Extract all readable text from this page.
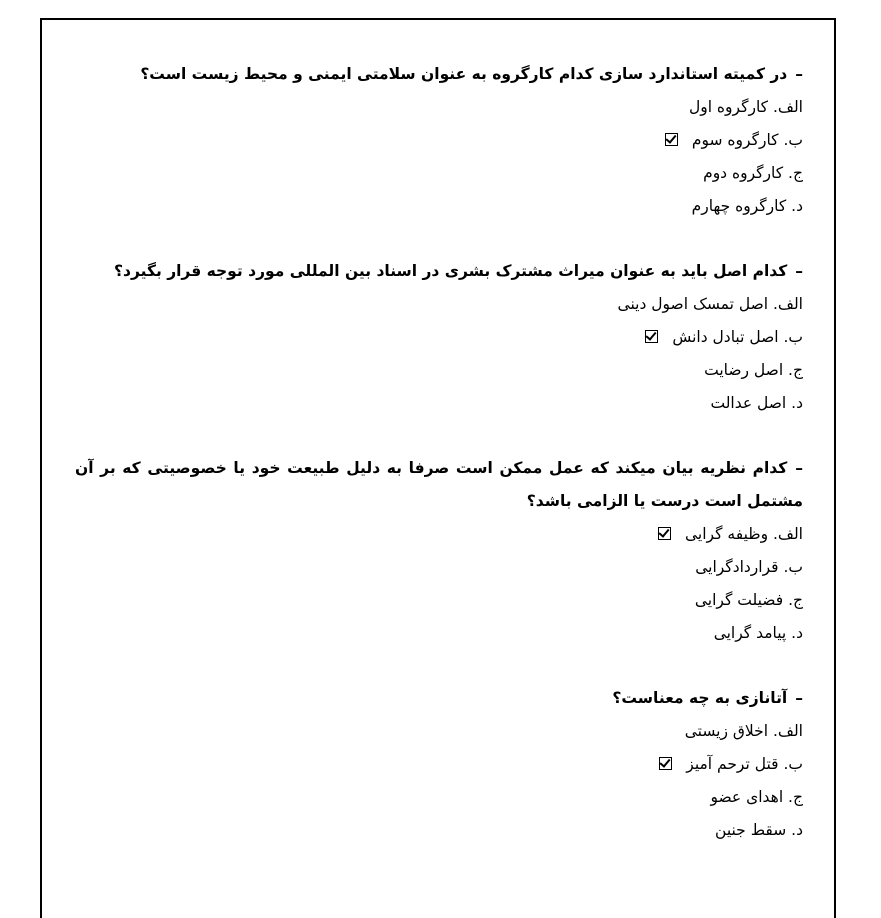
–در کمیته استاندارد سازی کدام کارگروه به عنوان سلامتی ایمنی و محیط زیست است؟
الف. کارگروه اول
ب. کارگروه سوم
ج. کارگروه دوم
د. کارگروه چهارم
–کدام اصل باید به عنوان میراث مشترک بشری در اسناد بین المللی مورد توجه قرار بگیرد؟
الف. اصل تمسک اصول دینی
ب. اصل تبادل دانش
ج. اصل رضایت
د. اصل عدالت
–کدام نظریه بیان میکند که عمل ممکن است صرفا به دلیل طبیعت خود یا خصوصیتی که بر آن مشتمل است درست یا الزامی باشد؟
الف. وظیفه گرایی
ب. قراردادگرایی
ج. فضیلت گرایی
د. پیامد گرایی
–آتانازی به چه معناست؟
الف. اخلاق زیستی
ب. قتل ترحم آمیز
ج. اهدای عضو
د. سقط جنین
